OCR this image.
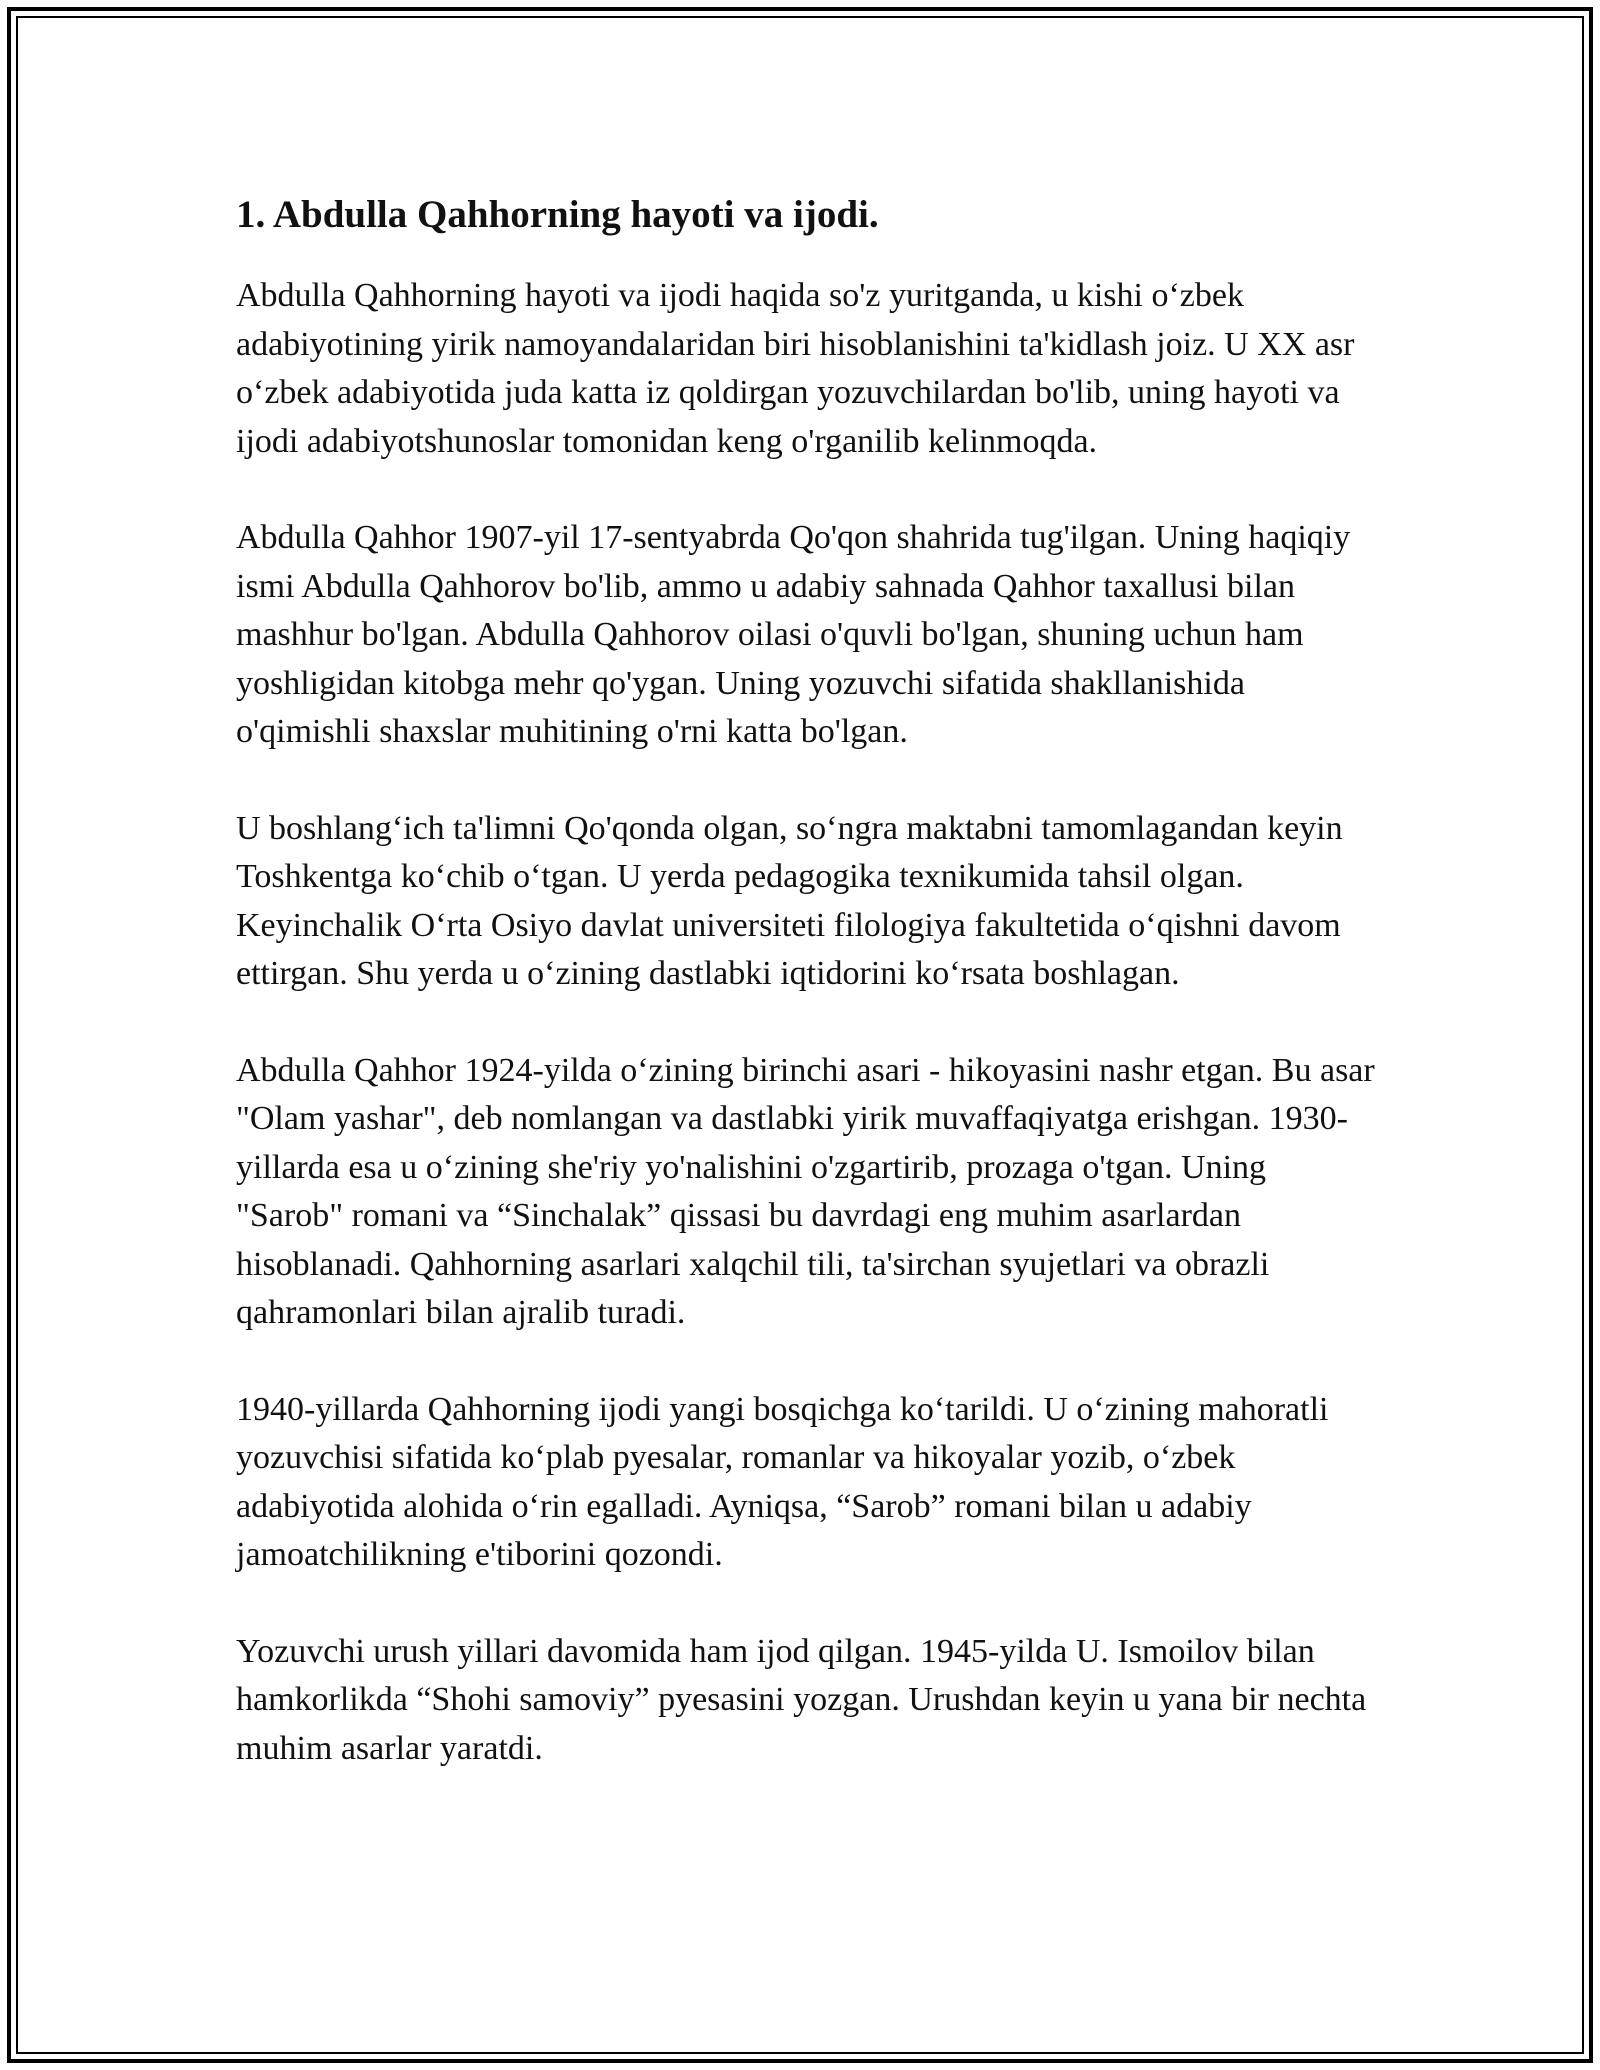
1. Abdulla Qahhorning hayoti va ijodi.

Abdulla Qahhorning hayoti va ijodi haqida so'z yuritganda, u kishi o‘zbek adabiyotining yirik namoyandalaridan biri hisoblanishini ta'kidlash joiz. U XX asr o‘zbek adabiyotida juda katta iz qoldirgan yozuvchilardan bo'lib, uning hayoti va ijodi adabiyotshunoslar tomonidan keng o'rganilib kelinmoqda.

Abdulla Qahhor 1907-yil 17-sentyabrda Qo'qon shahrida tug'ilgan. Uning haqiqiy ismi Abdulla Qahhorov bo'lib, ammo u adabiy sahnada Qahhor taxallusi bilan mashhur bo'lgan. Abdulla Qahhorov oilasi o'quvli bo'lgan, shuning uchun ham yoshligidan kitobga mehr qo'ygan. Uning yozuvchi sifatida shakllanishida o'qimishli shaxslar muhitining o'rni katta bo'lgan.

U boshlang‘ich ta'limni Qo'qonda olgan, so‘ngra maktabni tamomlagandan keyin Toshkentga ko‘chib o‘tgan. U yerda pedagogika texnikumida tahsil olgan. Keyinchalik O‘rta Osiyo davlat universiteti filologiya fakultetida o‘qishni davom ettirgan. Shu yerda u o‘zining dastlabki iqtidorini ko‘rsata boshlagan.

Abdulla Qahhor 1924-yilda o‘zining birinchi asari - hikoyasini nashr etgan. Bu asar "Olam yashar", deb nomlangan va dastlabki yirik muvaffaqiyatga erishgan. 1930-yillarda esa u o‘zining she'riy yo'nalishini o'zgartirib, prozaga o'tgan. Uning "Sarob" romani va “Sinchalak” qissasi bu davrdagi eng muhim asarlardan hisoblanadi. Qahhorning asarlari xalqchil tili, ta'sirchan syujetlari va obrazli qahramonlari bilan ajralib turadi.

1940-yillarda Qahhorning ijodi yangi bosqichga ko‘tarildi. U o‘zining mahoratli yozuvchisi sifatida ko‘plab pyesalar, romanlar va hikoyalar yozib, o‘zbek adabiyotida alohida o‘rin egalladi. Ayniqsa, “Sarob” romani bilan u adabiy jamoatchilikning e'tiborini qozondi.

Yozuvchi urush yillari davomida ham ijod qilgan. 1945-yilda U. Ismoilov bilan hamkorlikda “Shohi samoviy” pyesasini yozgan. Urushdan keyin u yana bir nechta muhim asarlar yaratdi.
